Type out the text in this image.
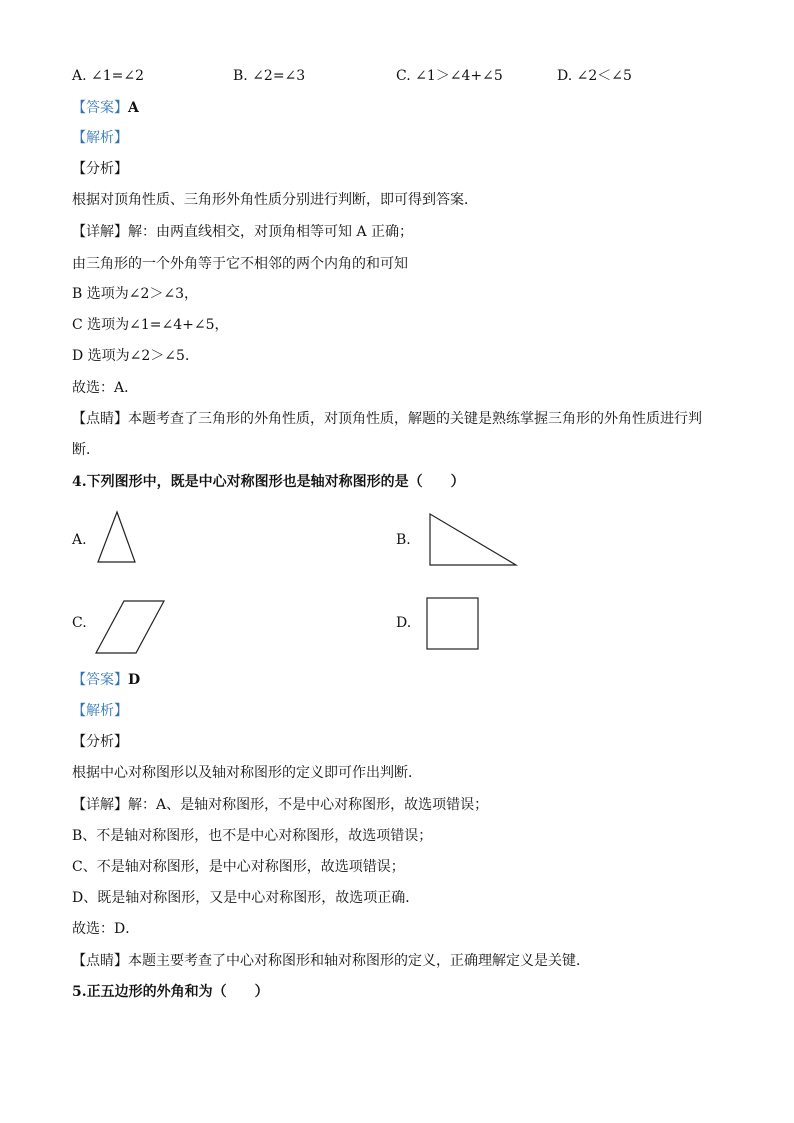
A. ∠1=∠2	B. ∠2=∠3	C. ∠1＞∠4+∠5	D. ∠2＜∠5
【答案】A
【解析】
【分析】
根据对顶角性质、三角形外角性质分别进行判断，即可得到答案．
【详解】解：由两直线相交，对顶角相等可知 A 正确；
由三角形的一个外角等于它不相邻的两个内角的和可知
B 选项为∠2＞∠3，
C 选项为∠1=∠4+∠5，
D 选项为∠2＞∠5．
故选：A．
【点睛】本题考查了三角形的外角性质，对顶角性质，解题的关键是熟练掌握三角形的外角性质进行判
断．
4.下列图形中，既是中心对称图形也是轴对称图形的是（　　）
A.	B.
C.	D.
【答案】D
【解析】
【分析】
根据中心对称图形以及轴对称图形的定义即可作出判断．
【详解】解：A、是轴对称图形，不是中心对称图形，故选项错误；
B、不是轴对称图形，也不是中心对称图形，故选项错误；
C、不是轴对称图形，是中心对称图形，故选项错误；
D、既是轴对称图形，又是中心对称图形，故选项正确．
故选：D．
【点睛】本题主要考查了中心对称图形和轴对称图形的定义，正确理解定义是关键．
5.正五边形的外角和为（　　）
